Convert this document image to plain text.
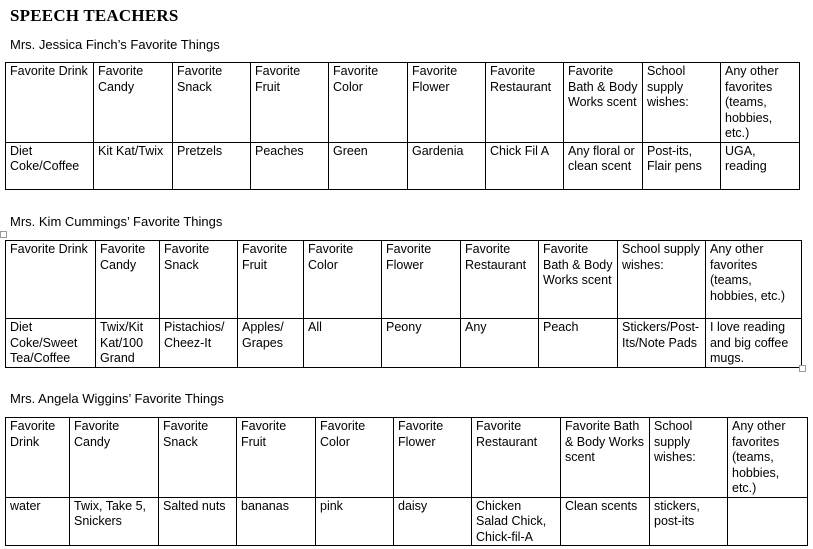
SPEECH TEACHERS
Mrs. Jessica Finch’s Favorite Things
Favorite Drink	Favorite Candy	Favorite Snack	Favorite Fruit	Favorite Color	Favorite Flower	Favorite Restaurant	Favorite Bath & Body Works scent	School supply wishes:	Any other favorites (teams, hobbies, etc.)
Diet Coke/Coffee	Kit Kat/Twix	Pretzels	Peaches	Green	Gardenia	Chick Fil A	Any floral or clean scent	Post-its, Flair pens	UGA, reading
Mrs. Kim Cummings’ Favorite Things
Favorite Drink	Favorite Candy	Favorite Snack	Favorite Fruit	Favorite Color	Favorite Flower	Favorite Restaurant	Favorite Bath & Body Works scent	School supply wishes:	Any other favorites (teams, hobbies, etc.)
Diet Coke/Sweet Tea/Coffee	Twix/Kit Kat/100 Grand	Pistachios/ Cheez-It	Apples/ Grapes	All	Peony	Any	Peach	Stickers/Post-Its/Note Pads	I love reading and big coffee mugs.
Mrs. Angela Wiggins’ Favorite Things
Favorite Drink	Favorite Candy	Favorite Snack	Favorite Fruit	Favorite Color	Favorite Flower	Favorite Restaurant	Favorite Bath & Body Works scent	School supply wishes:	Any other favorites (teams, hobbies, etc.)
water	Twix, Take 5, Snickers	Salted nuts	bananas	pink	daisy	Chicken Salad Chick, Chick-fil-A	Clean scents	stickers, post-its	
